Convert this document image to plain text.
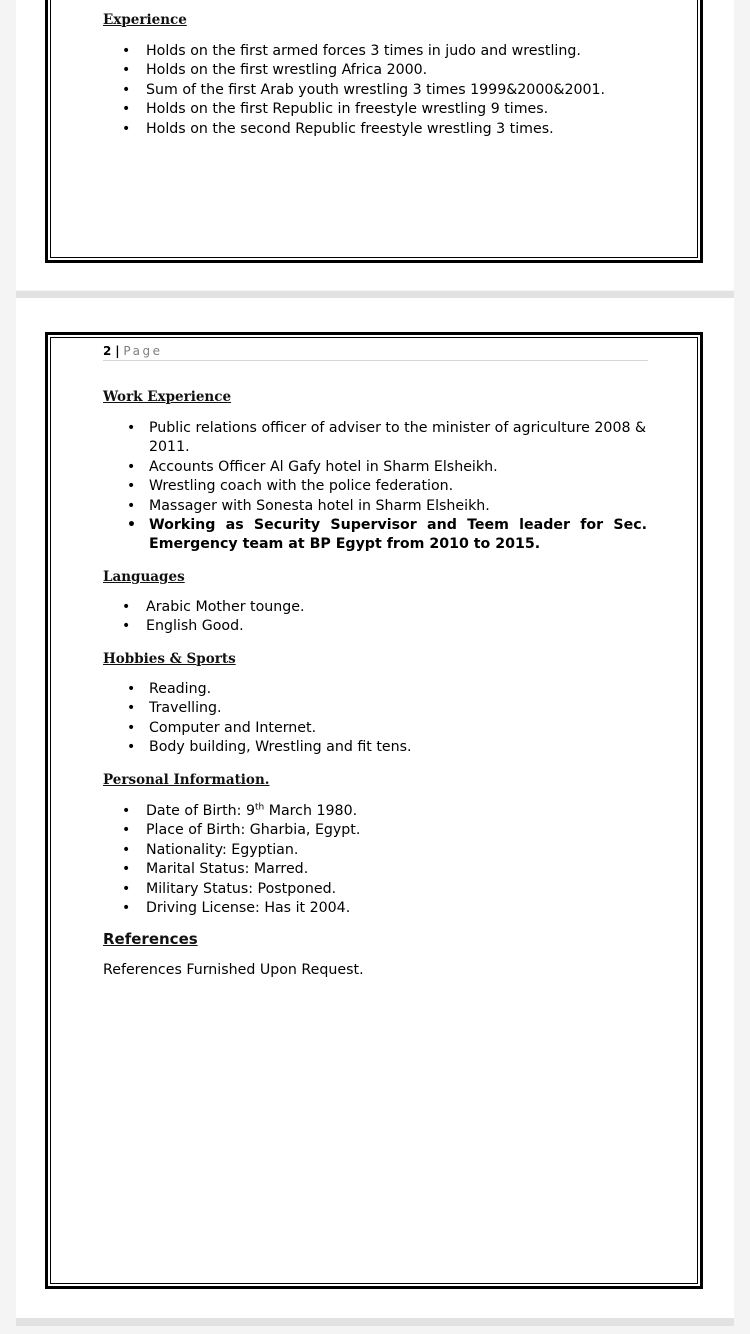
Experience
• Holds on the first armed forces 3 times in judo and wrestling.
• Holds on the first wrestling Africa 2000.
• Sum of the first Arab youth wrestling 3 times 1999&2000&2001.
• Holds on the first Republic in freestyle wrestling 9 times.
• Holds on the second Republic freestyle wrestling 3 times.
2 | Page
Work Experience
• Public relations officer of adviser to the minister of agriculture 2008 & 2011.
• Accounts Officer Al Gafy hotel in Sharm Elsheikh.
• Wrestling coach with the police federation.
• Massager with Sonesta hotel in Sharm Elsheikh.
• Working as Security Supervisor and Teem leader for Sec. Emergency team at BP Egypt from 2010 to 2015.
Languages
• Arabic Mother tounge.
• English Good.
Hobbies & Sports
• Reading.
• Travelling.
• Computer and Internet.
• Body building, Wrestling and fit tens.
Personal Information.
• Date of Birth: 9th March 1980.
• Place of Birth: Gharbia, Egypt.
• Nationality: Egyptian.
• Marital Status: Marred.
• Military Status: Postponed.
• Driving License: Has it 2004.
References
References Furnished Upon Request.
